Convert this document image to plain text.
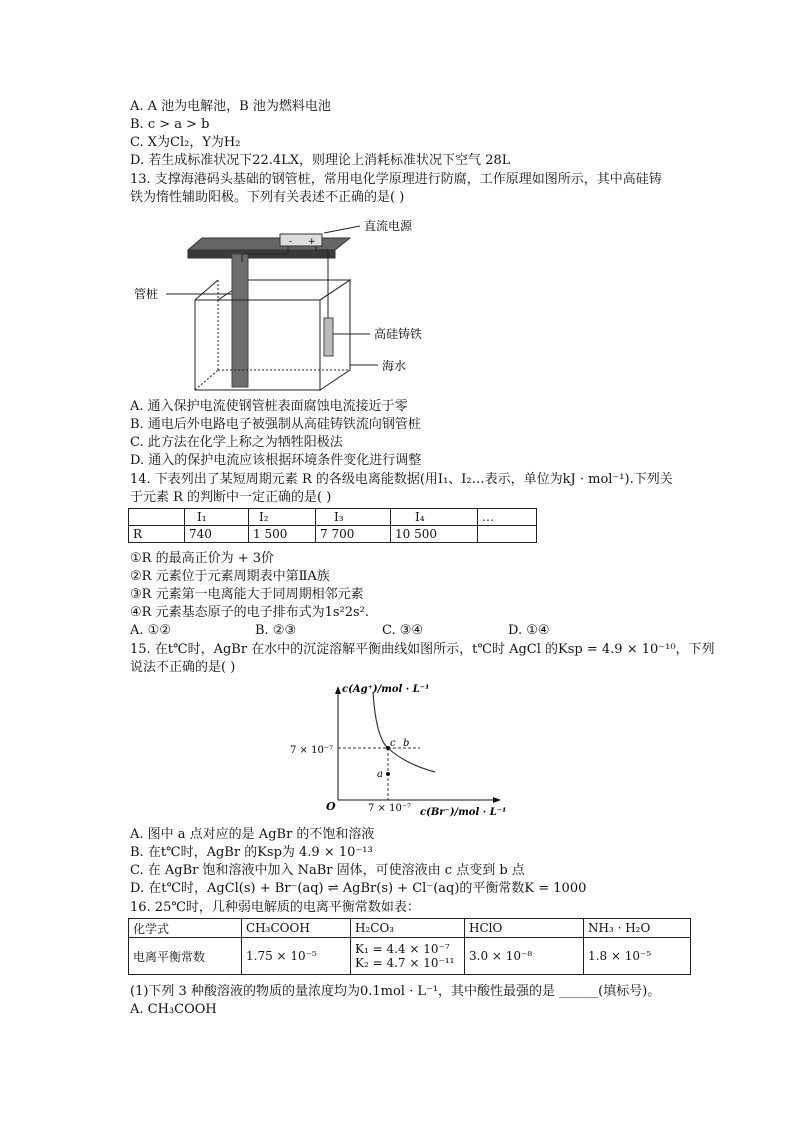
A. A 池为电解池，B 池为燃料电池
B. c > a > b
C. X为Cl₂，Y为H₂
D. 若生成标准状况下22.4LX，则理论上消耗标准状况下空气 28L
13. 支撑海港码头基础的钢管桩，常用电化学原理进行防腐，工作原理如图所示，其中高硅铸
铁为惰性辅助阳极。下列有关表述不正确的是( )
- +
直流电源
管桩
高硅铸铁
海水
A. 通入保护电流使钢管桩表面腐蚀电流接近于零
B. 通电后外电路电子被强制从高硅铸铁流向钢管桩
C. 此方法在化学上称之为牺牲阳极法
D. 通入的保护电流应该根据环境条件变化进行调整
14. 下表列出了某短周期元素 R 的各级电离能数据(用I₁、I₂…表示，单位为kJ · mol⁻¹).下列关
于元素 R 的判断中一定正确的是( )
	I₁	I₂	I₃	I₄	…
R	740	1 500	7 700	10 500	
①R 的最高正价为 + 3价
②R 元素位于元素周期表中第ⅡA族
③R 元素第一电离能大于同周期相邻元素
④R 元素基态原子的电子排布式为1s²2s².
A. ①②	B. ②③	C. ③④	D. ①④
15. 在t℃时，AgBr 在水中的沉淀溶解平衡曲线如图所示，t℃时 AgCl 的Ksp = 4.9 × 10⁻¹⁰，下列
说法不正确的是( )
c(Ag⁺)/mol · L⁻¹
c(Br⁻)/mol · L⁻¹
O
7 × 10⁻⁷
7 × 10⁻⁷
c b
a
A. 图中 a 点对应的是 AgBr 的不饱和溶液
B. 在t℃时，AgBr 的Ksp为 4.9 × 10⁻¹³
C. 在 AgBr 饱和溶液中加入 NaBr 固体，可使溶液由 c 点变到 b 点
D. 在t℃时，AgCl(s) + Br⁻(aq) ⇌ AgBr(s) + Cl⁻(aq)的平衡常数K = 1000
16. 25℃时，几种弱电解质的电离平衡常数如表：
化学式	CH₃COOH	H₂CO₃	HClO	NH₃ · H₂O
电离平衡常数	1.75 × 10⁻⁵	K₁ = 4.4 × 10⁻⁷
K₂ = 4.7 × 10⁻¹¹	3.0 × 10⁻⁸	1.8 × 10⁻⁵
(1)下列 3 种酸溶液的物质的量浓度均为0.1mol · L⁻¹，其中酸性最强的是 ______(填标号)。
A. CH₃COOH
